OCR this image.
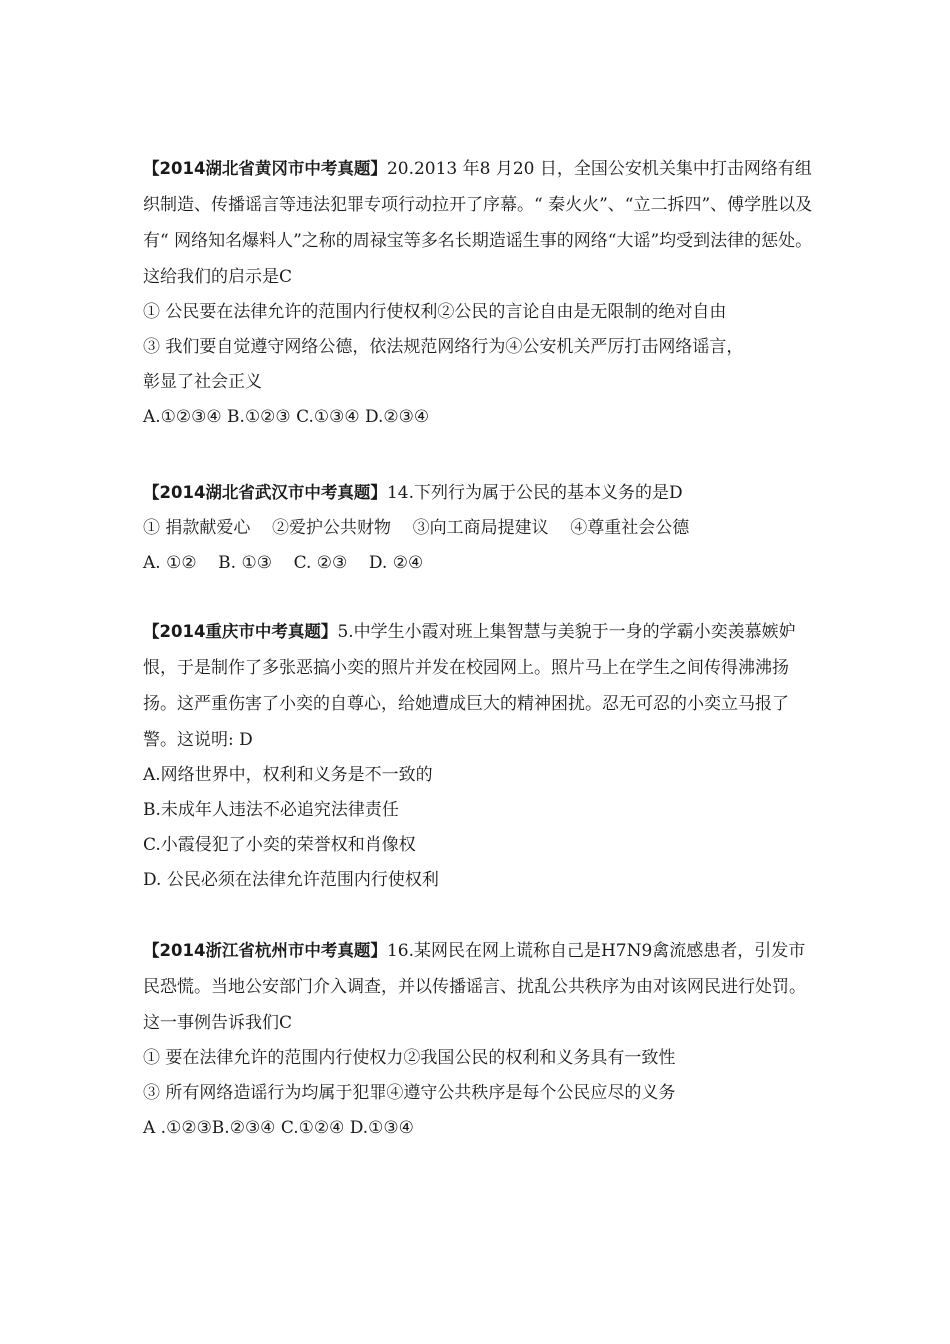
【2014湖北省黄冈市中考真题】20.2013 年8 月20 日，全国公安机关集中打击网络有组织制造、传播谣言等违法犯罪专项行动拉开了序幕。“ 秦火火”、“立二拆四”、傅学胜以及有“ 网络知名爆料人”之称的周禄宝等多名长期造谣生事的网络“大谣”均受到法律的惩处。这给我们的启示是C

① 公民要在法律允许的范围内行使权利②公民的言论自由是无限制的绝对自由

③ 我们要自觉遵守网络公德，依法规范网络行为④公安机关严厉打击网络谣言，

彰显了社会正义

A.①②③④ B.①②③ C.①③④ D.②③④

【2014湖北省武汉市中考真题】14.下列行为属于公民的基本义务的是D

① 捐款献爱心    ②爱护公共财物    ③向工商局提建议    ④尊重社会公德

A. ①②    B. ①③    C. ②③    D. ②④

【2014重庆市中考真题】5.中学生小霞对班上集智慧与美貌于一身的学霸小奕羡慕嫉妒恨，于是制作了多张恶搞小奕的照片并发在校园网上。照片马上在学生之间传得沸沸扬扬。这严重伤害了小奕的自尊心，给她遭成巨大的精神困扰。忍无可忍的小奕立马报了警。这说明: D

A.网络世界中，权利和义务是不一致的

B.未成年人违法不必追究法律责任

C.小霞侵犯了小奕的荣誉权和肖像权

D. 公民必须在法律允许范围内行使权利

【2014浙江省杭州市中考真题】16.某网民在网上谎称自己是H7N9禽流感患者，引发市民恐慌。当地公安部门介入调查，并以传播谣言、扰乱公共秩序为由对该网民进行处罚。这一事例告诉我们C

① 要在法律允许的范围内行使权力②我国公民的权利和义务具有一致性

③ 所有网络造谣行为均属于犯罪④遵守公共秩序是每个公民应尽的义务

A .①②③B.②③④ C.①②④ D.①③④
